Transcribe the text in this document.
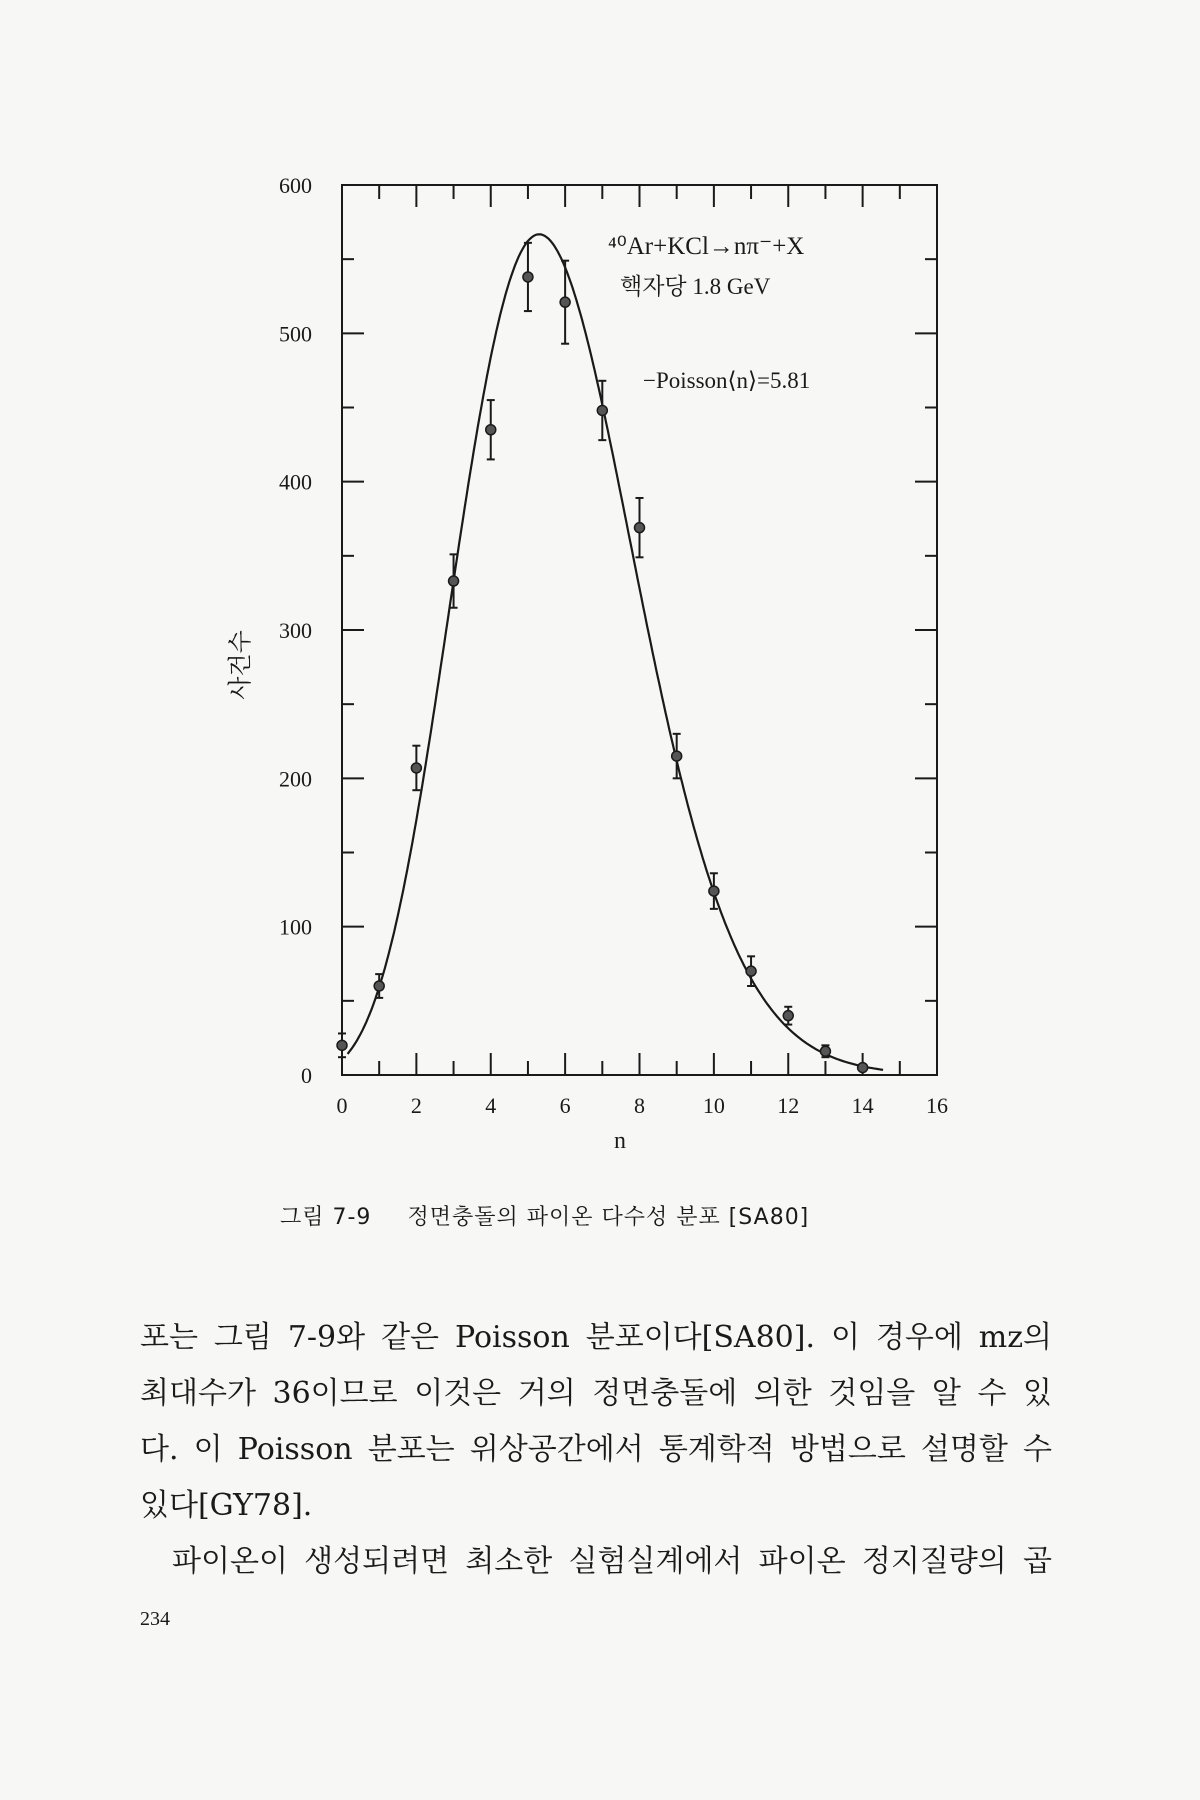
0	2	4	6	8	10 12 14 16
0
100
200
300
400
500
600
⁴⁰Ar+KCl→nπ⁻+X
핵자당 1.8 GeV
−Poisson⟨n⟩=5.81
n
사건수
그림 7-9 정면충돌의 파이온 다수성 분포 [SA80]
포는 그림 7-9와 같은 Poisson 분포이다[SA80]. 이 경우에 mz의
최대수가 36이므로 이것은 거의 정면충돌에 의한 것임을 알 수 있
다. 이 Poisson 분포는 위상공간에서 통계학적 방법으로 설명할 수
있다[GY78].
파이온이 생성되려면 최소한 실험실계에서 파이온 정지질량의 곱
234
